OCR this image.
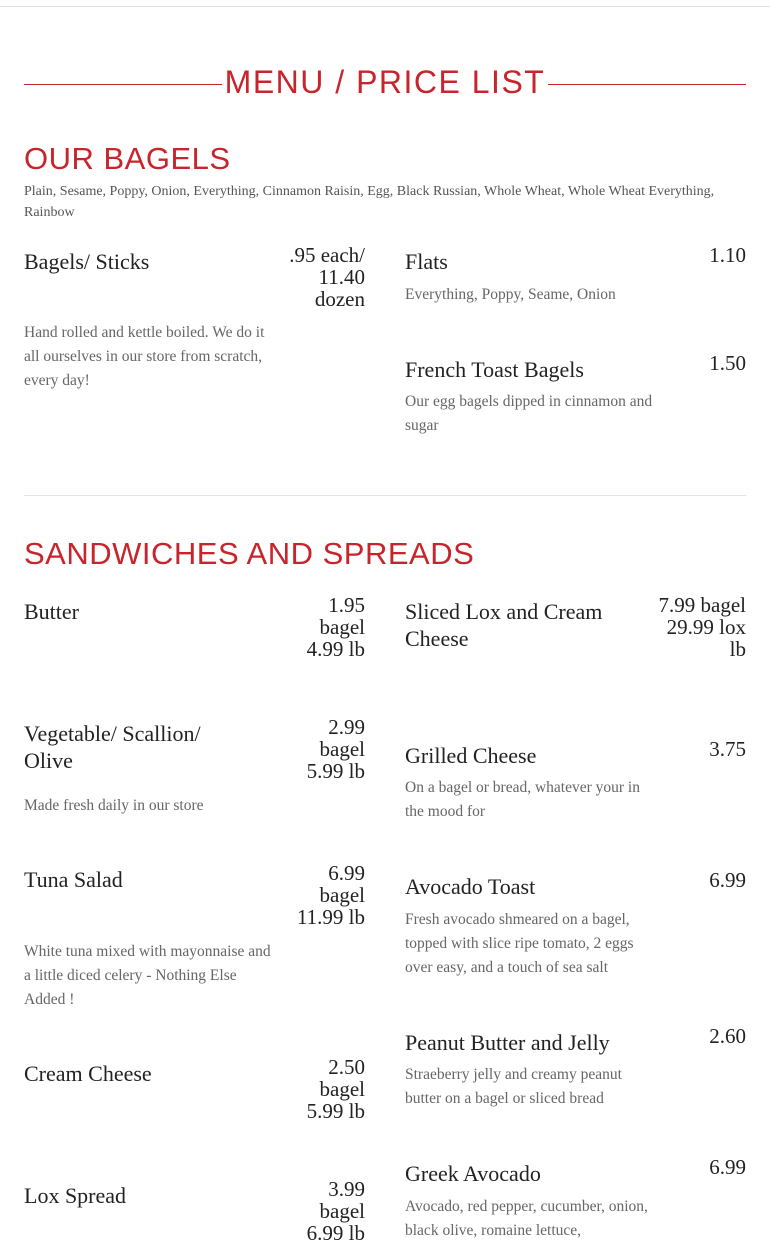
MENU / PRICE LIST
OUR BAGELS
Plain, Sesame, Poppy, Onion, Everything, Cinnamon Raisin, Egg, Black Russian, Whole Wheat, Whole Wheat Everything, Rainbow
Bagels/ Sticks	.95 each/ 11.40 dozen
Hand rolled and kettle boiled. We do it all ourselves in our store from scratch, every day!
Flats	1.10
Everything, Poppy, Seame, Onion
French Toast Bagels	1.50
Our egg bagels dipped in cinnamon and sugar
SANDWICHES AND SPREADS
Butter	1.95 bagel 4.99 lb
Sliced Lox and Cream Cheese
7.99 bagel 29.99 lox lb
Vegetable/ Scallion/ Olive
2.99 bagel 5.99 lb
Made fresh daily in our store
Grilled Cheese	3.75
On a bagel or bread, whatever your in the mood for
Tuna Salad	6.99 bagel 11.99 lb
White tuna mixed with mayonnaise and a little diced celery - Nothing Else Added !
Avocado Toast	6.99
Fresh avocado shmeared on a bagel, topped with slice ripe tomato, 2 eggs over easy, and a touch of sea salt
Peanut Butter and Jelly	2.60
Straeberry jelly and creamy peanut butter on a bagel or sliced bread
Cream Cheese	2.50 bagel 5.99 lb
Greek Avocado	6.99
Avocado, red pepper, cucumber, onion, black olive, romaine lettuce,
Lox Spread	3.99 bagel 6.99 lb
